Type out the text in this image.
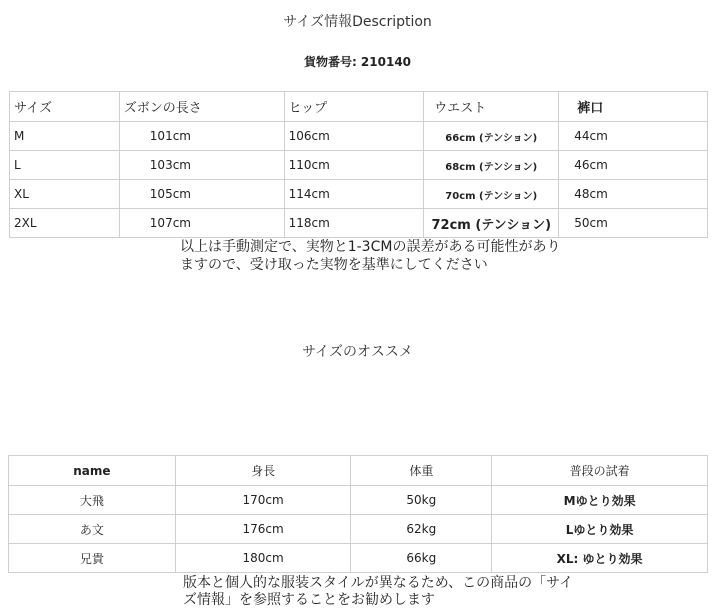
サイズ情報Description
貨物番号: 210140
サイズ	ズボンの長さ	ヒップ	ウエスト	裤口
M	101cm	106cm	66cm (テンション)	44cm
L	103cm	110cm	68cm (テンション)	46cm
XL	105cm	114cm	70cm (テンション)	48cm
2XL	107cm	118cm	72cm (テンション)	50cm
以上は手動測定で、実物と1-3CMの誤差がある可能性があり
ますので、受け取った実物を基準にしてください
サイズのオススメ
name	身長	体重	普段の試着
大飛	170cm	50kg	Mゆとり効果
あ文	176cm	62kg	Lゆとり効果
兄貴	180cm	66kg	XL: ゆとり効果
版本と個人的な服装スタイルが異なるため、この商品の「サイ
ズ情報」を参照することをお勧めします
